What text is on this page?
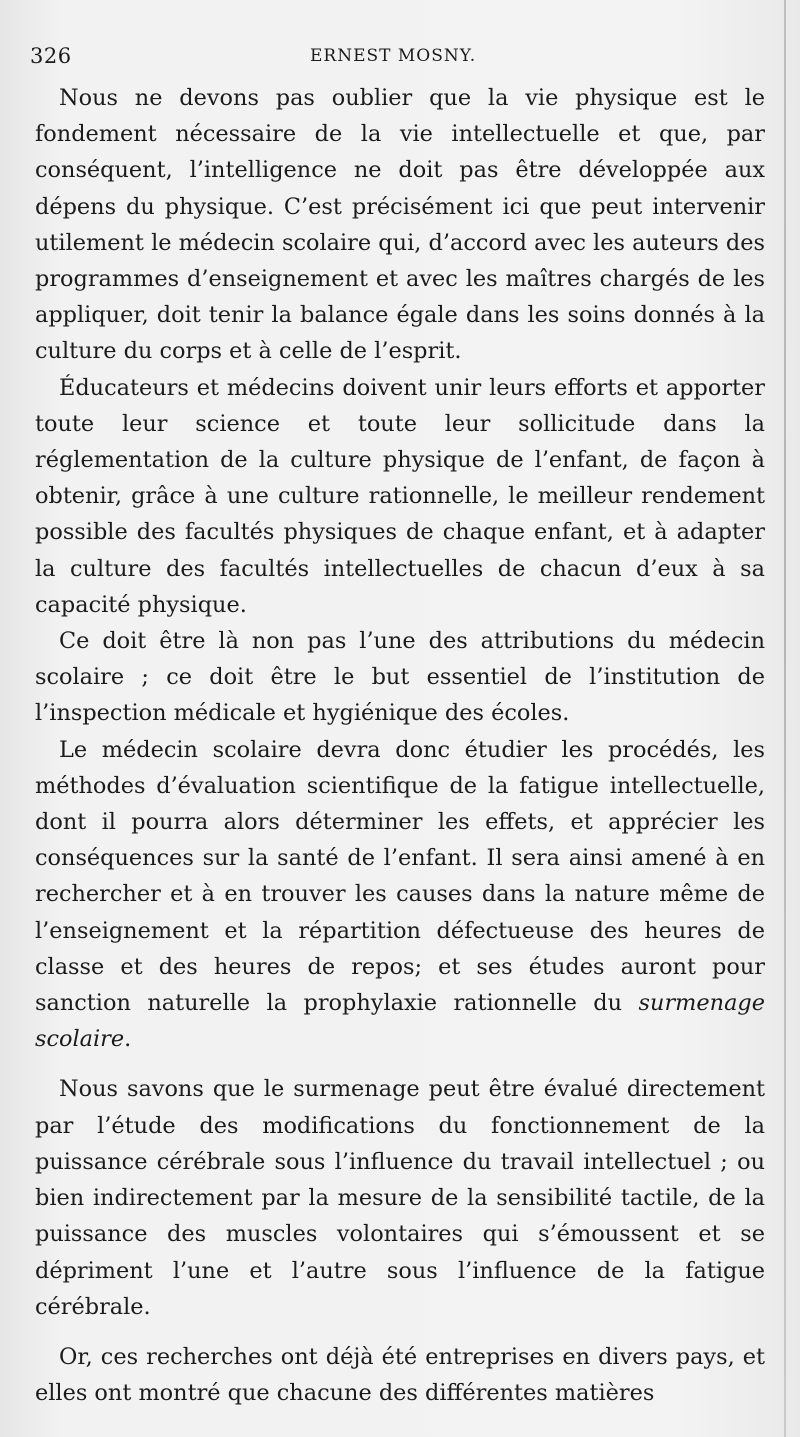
326	ERNEST MOSNY.

Nous ne devons pas oublier que la vie physique est le fondement nécessaire de la vie intellectuelle et que, par conséquent, l’intelligence ne doit pas être développée aux dépens du physique. C’est précisément ici que peut intervenir utilement le médecin scolaire qui, d’accord avec les auteurs des programmes d’enseignement et avec les maîtres chargés de les appliquer, doit tenir la balance égale dans les soins donnés à la culture du corps et à celle de l’esprit.

Éducateurs et médecins doivent unir leurs efforts et apporter toute leur science et toute leur sollicitude dans la réglementation de la culture physique de l’enfant, de façon à obtenir, grâce à une culture rationnelle, le meilleur rendement possible des facultés physiques de chaque enfant, et à adapter la culture des facultés intellectuelles de chacun d’eux à sa capacité physique.

Ce doit être là non pas l’une des attributions du médecin scolaire ; ce doit être le but essentiel de l’institution de l’inspection médicale et hygiénique des écoles.

Le médecin scolaire devra donc étudier les procédés, les méthodes d’évaluation scientifique de la fatigue intellectuelle, dont il pourra alors déterminer les effets, et apprécier les conséquences sur la santé de l’enfant. Il sera ainsi amené à en rechercher et à en trouver les causes dans la nature même de l’enseignement et la répartition défectueuse des heures de classe et des heures de repos; et ses études auront pour sanction naturelle la prophylaxie rationnelle du surmenage scolaire.

Nous savons que le surmenage peut être évalué directement par l’étude des modifications du fonctionnement de la puissance cérébrale sous l’influence du travail intellectuel ; ou bien indirectement par la mesure de la sensibilité tactile, de la puissance des muscles volontaires qui s’émoussent et se dépriment l’une et l’autre sous l’influence de la fatigue cérébrale.

Or, ces recherches ont déjà été entreprises en divers pays, et elles ont montré que chacune des différentes matières
